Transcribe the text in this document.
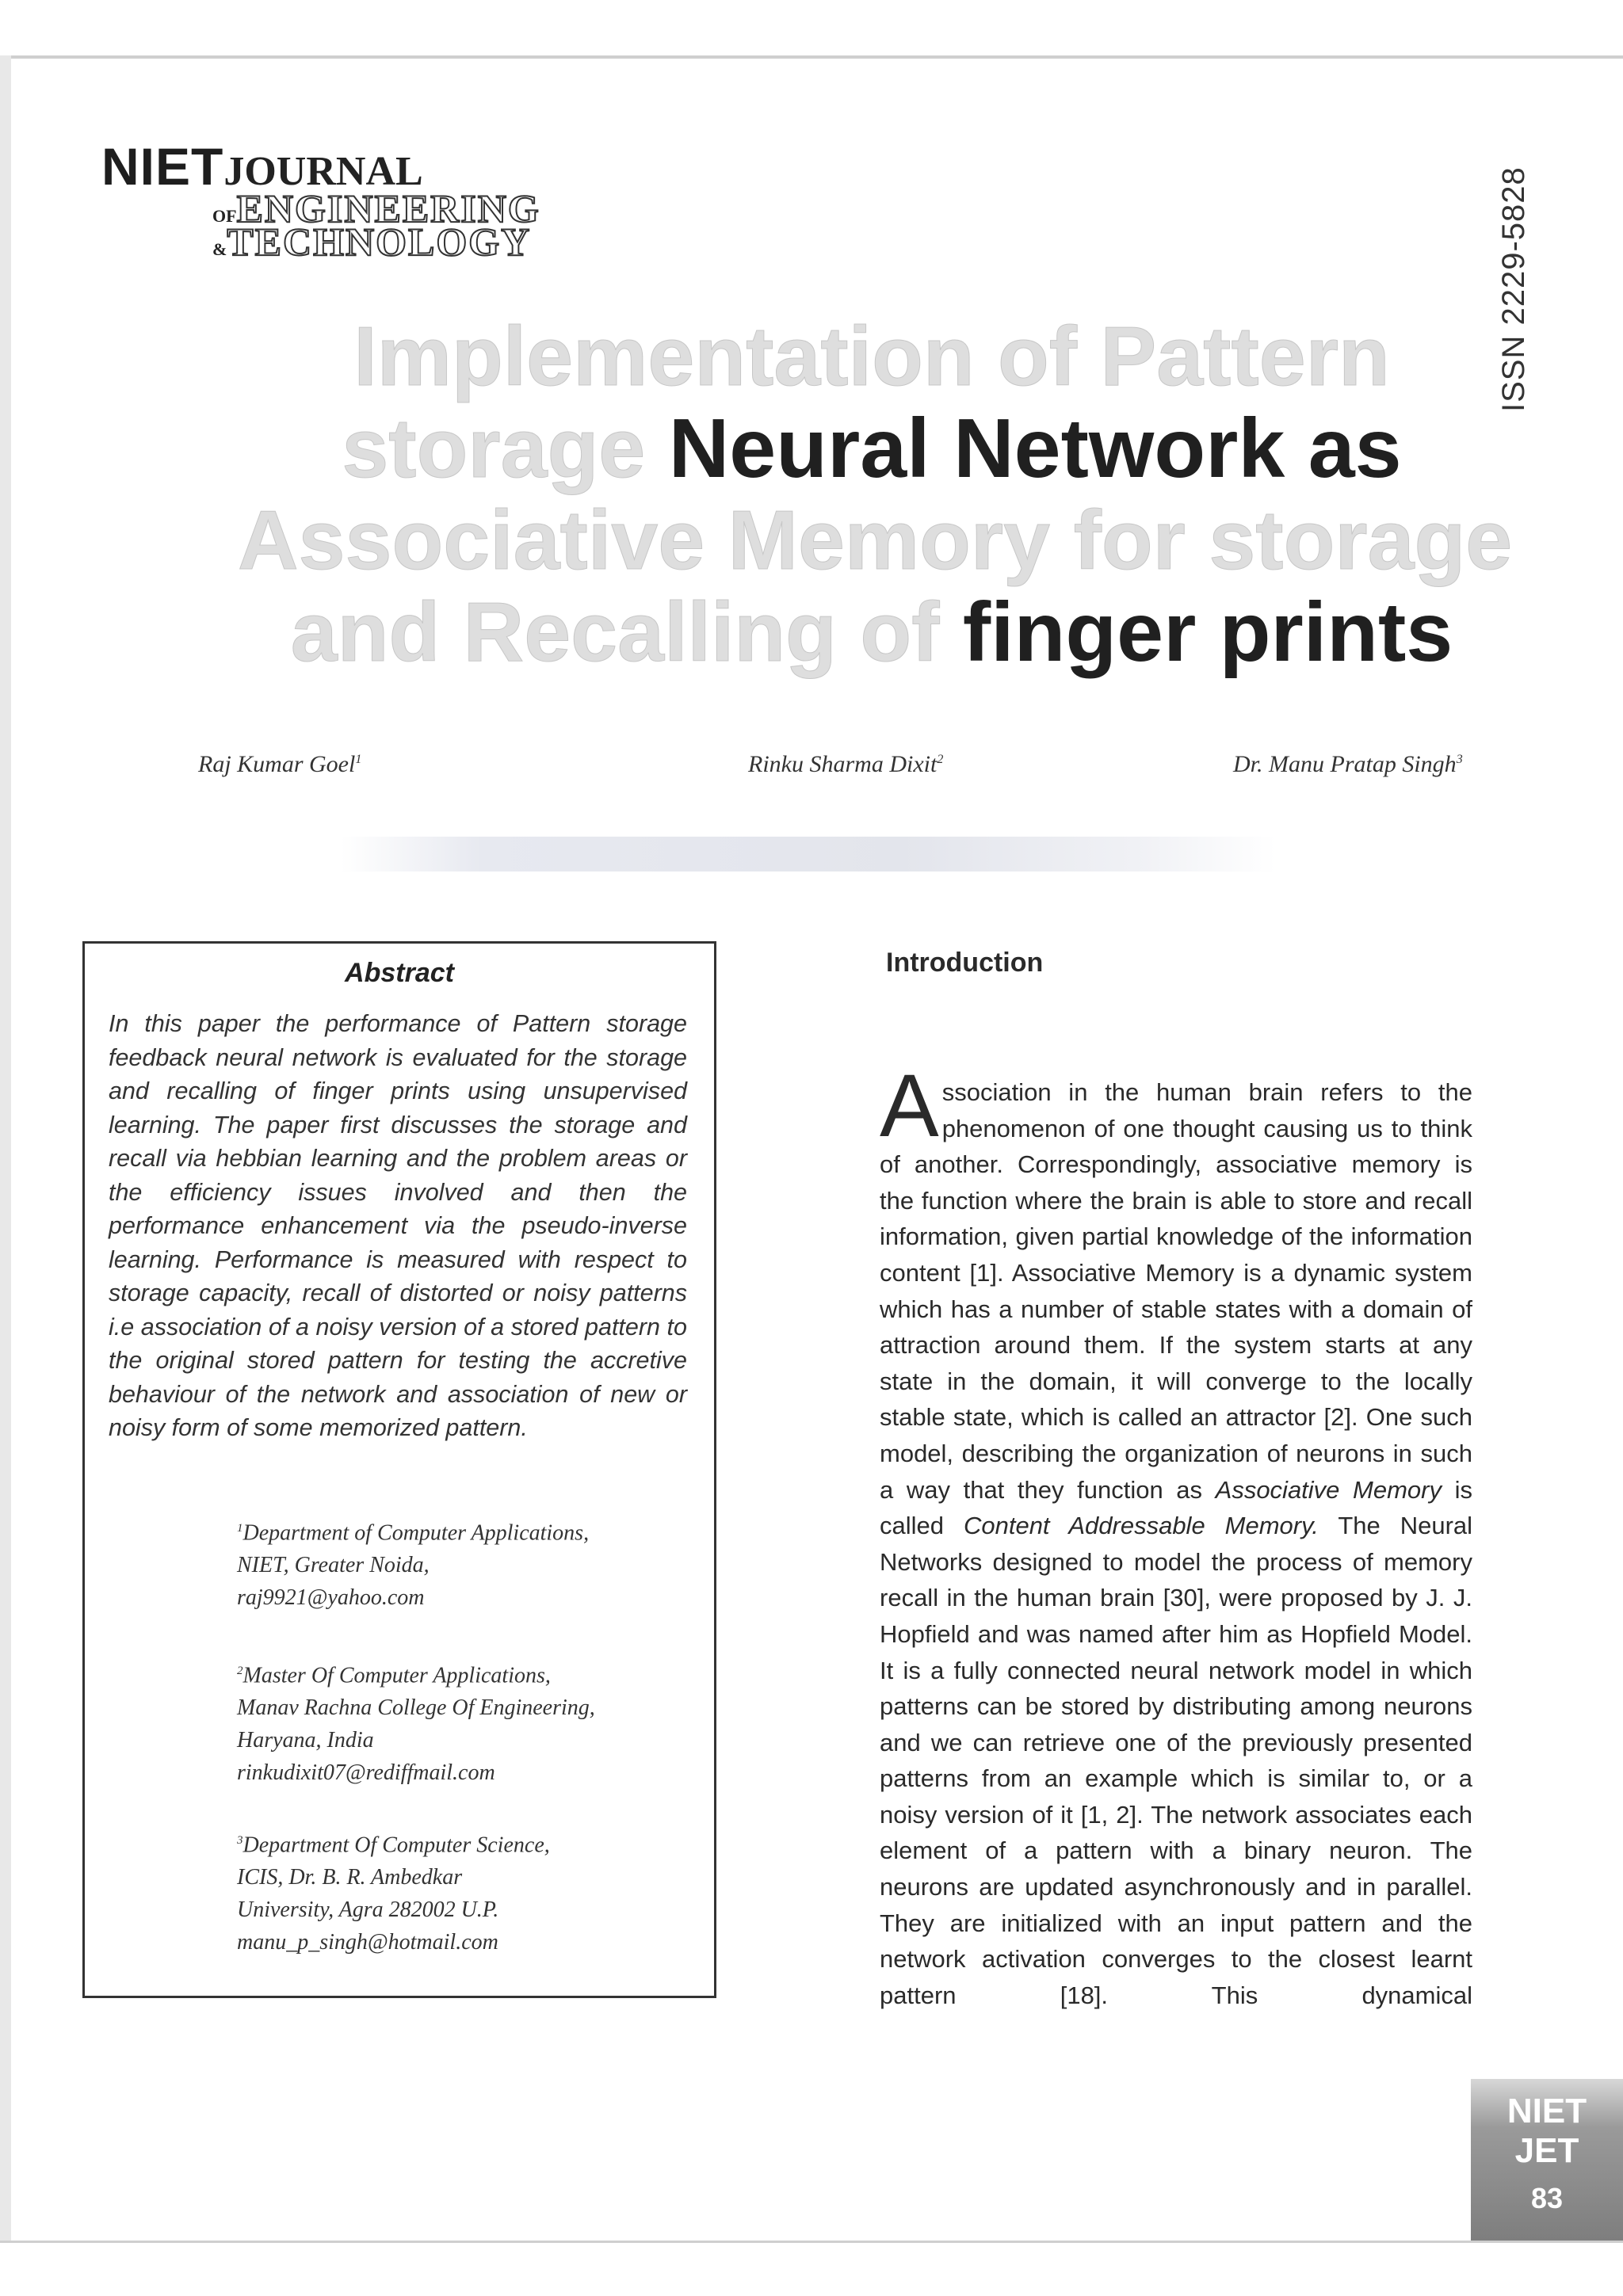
NIETJOURNAL
OFENGINEERING
&TECHNOLOGY	ISSN 2229-5828
Implementation of Pattern
storage Neural Network as
Associative Memory for storage
and Recalling of finger prints
Raj Kumar Goel$^1$	Rinku Sharma Dixit$^2$	Dr. Manu Pratap Singh$^3$
Abstract
In this paper the performance of Pattern storage feedback neural network is evaluated for the storage and recalling of finger prints using unsupervised learning. The paper first discusses the storage and recall via hebbian learning and the problem areas or the efficiency issues involved and then the performance enhancement via the pseudo-inverse learning. Performance is measured with respect to storage capacity, recall of distorted or noisy patterns i.e association of a noisy version of a stored pattern to the original stored pattern for testing the accretive behaviour of the network and association of new or noisy form of some memorized pattern.
$^1$Department of Computer Applications,
NIET, Greater Noida,
raj9921@yahoo.com
$^2$Master Of Computer Applications,
Manav Rachna College Of Engineering,
Haryana, India
rinkudixit07@rediffmail.com
$^3$Department Of Computer Science,
ICIS, Dr. B. R. Ambedkar
University, Agra 282002 U.P.
manu_p_singh@hotmail.com
Introduction
Association in the human brain refers to the phenomenon of one thought causing us to think of another. Correspondingly, associative memory is the function where the brain is able to store and recall information, given partial knowledge of the information content [1]. Associative Memory is a dynamic system which has a number of stable states with a domain of attraction around them. If the system starts at any state in the domain, it will converge to the locally stable state, which is called an attractor [2]. One such model, describing the organization of neurons in such a way that they function as Associative Memory is called Content Addressable Memory. The Neural Networks designed to model the process of memory recall in the human brain [30], were proposed by J. J. Hopfield and was named after him as Hopfield Model. It is a fully connected neural network model in which patterns can be stored by distributing among neurons and we can retrieve one of the previously presented patterns from an example which is similar to, or a noisy version of it [1, 2]. The network associates each element of a pattern with a binary neuron. The neurons are updated asynchronously and in parallel. They are initialized with an input pattern and the network activation converges to the closest learnt pattern [18]. This dynamical
NIET
JET
83
